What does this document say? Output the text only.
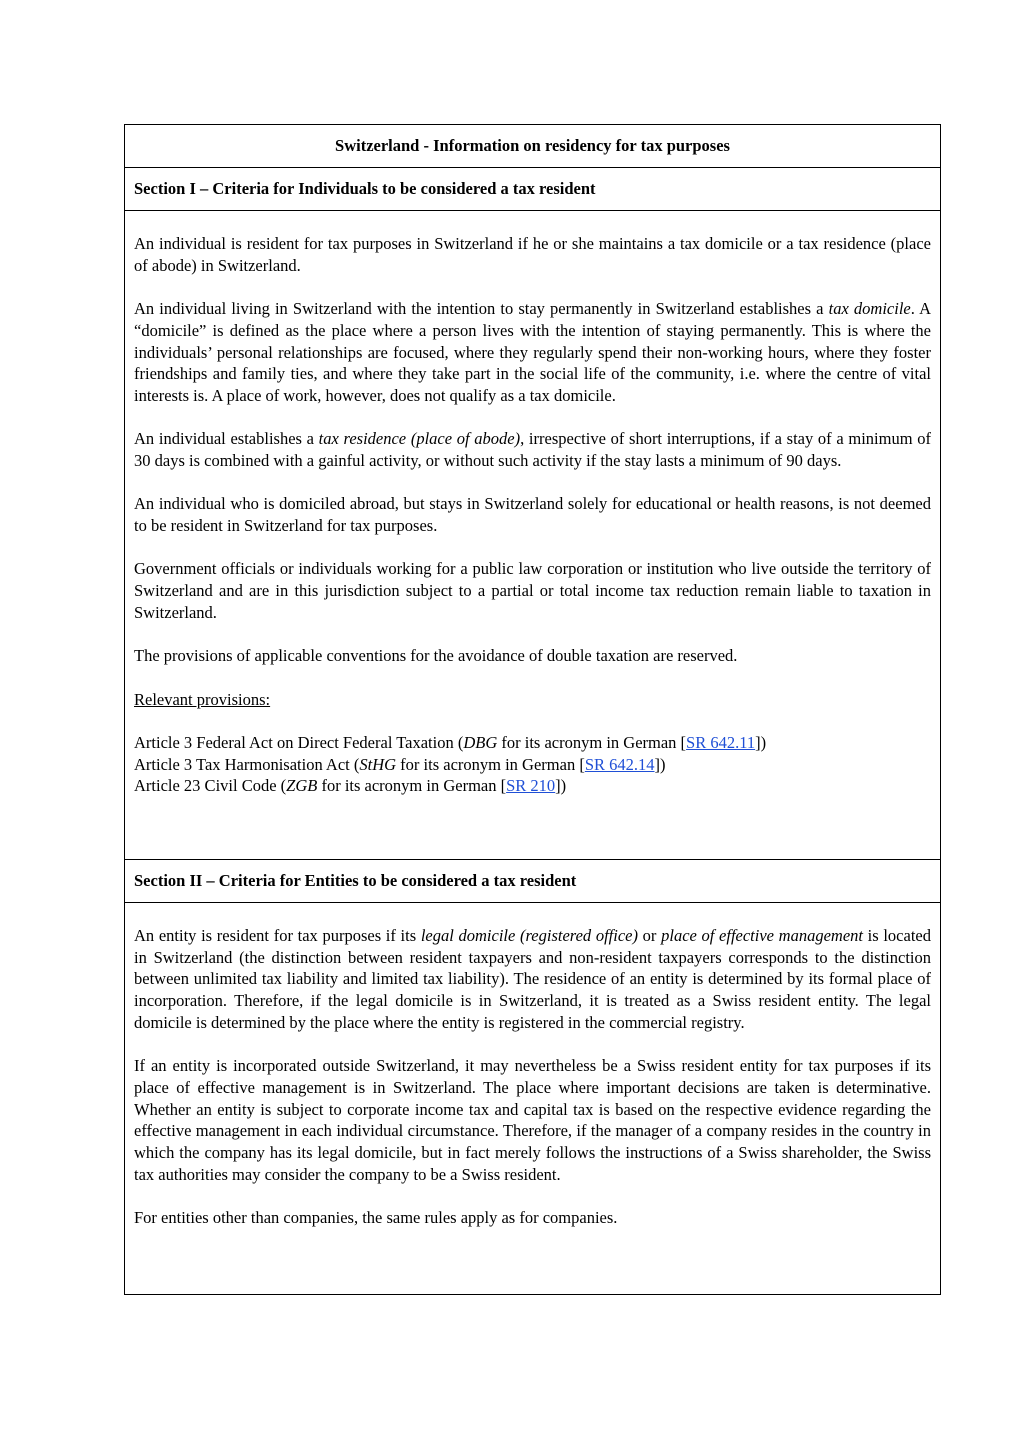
Switzerland - Information on residency for tax purposes
Section I – Criteria for Individuals to be considered a tax resident

An individual is resident for tax purposes in Switzerland if he or she maintains a tax domicile or a tax residence (place of abode) in Switzerland.

An individual living in Switzerland with the intention to stay permanently in Switzerland establishes a tax domicile. A “domicile” is defined as the place where a person lives with the intention of staying permanently. This is where the individuals’ personal relationships are focused, where they regularly spend their non-working hours, where they foster friendships and family ties, and where they take part in the social life of the community, i.e. where the centre of vital interests is. A place of work, however, does not qualify as a tax domicile.

An individual establishes a tax residence (place of abode), irrespective of short interruptions, if a stay of a minimum of 30 days is combined with a gainful activity, or without such activity if the stay lasts a minimum of 90 days.

An individual who is domiciled abroad, but stays in Switzerland solely for educational or health reasons, is not deemed to be resident in Switzerland for tax purposes.

Government officials or individuals working for a public law corporation or institution who live outside the territory of Switzerland and are in this jurisdiction subject to a partial or total income tax reduction remain liable to taxation in Switzerland.

The provisions of applicable conventions for the avoidance of double taxation are reserved.

Relevant provisions:

Article 3 Federal Act on Direct Federal Taxation (DBG for its acronym in German [SR 642.11])

Article 3 Tax Harmonisation Act (StHG for its acronym in German [SR 642.14])

Article 23 Civil Code (ZGB for its acronym in German [SR 210])

Section II – Criteria for Entities to be considered a tax resident

An entity is resident for tax purposes if its legal domicile (registered office) or place of effective management is located in Switzerland (the distinction between resident taxpayers and non-resident taxpayers corresponds to the distinction between unlimited tax liability and limited tax liability). The residence of an entity is determined by its formal place of incorporation. Therefore, if the legal domicile is in Switzerland, it is treated as a Swiss resident entity. The legal domicile is determined by the place where the entity is registered in the commercial registry.

If an entity is incorporated outside Switzerland, it may nevertheless be a Swiss resident entity for tax purposes if its place of effective management is in Switzerland. The place where important decisions are taken is determinative. Whether an entity is subject to corporate income tax and capital tax is based on the respective evidence regarding the effective management in each individual circumstance. Therefore, if the manager of a company resides in the country in which the company has its legal domicile, but in fact merely follows the instructions of a Swiss shareholder, the Swiss tax authorities may consider the company to be a Swiss resident.

For entities other than companies, the same rules apply as for companies.
